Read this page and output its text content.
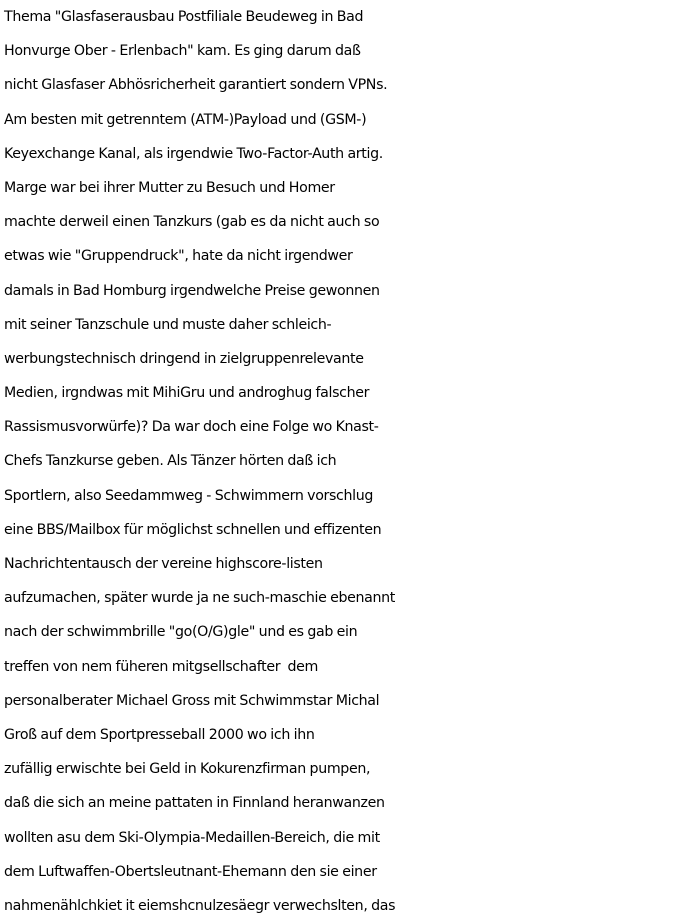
Thema "Glasfaserausbau Postfiliale Beudeweg in Bad
Honvurge Ober - Erlenbach" kam. Es ging darum daß
nicht Glasfaser Abhösricherheit garantiert sondern VPNs.
Am besten mit getrenntem (ATM-)Payload und (GSM-)
Keyexchange Kanal, als irgendwie Two-Factor-Auth artig.
Marge war bei ihrer Mutter zu Besuch und Homer
machte derweil einen Tanzkurs (gab es da nicht auch so
etwas wie "Gruppendruck", hate da nicht irgendwer
damals in Bad Homburg irgendwelche Preise gewonnen
mit seiner Tanzschule und muste daher schleich-
werbungstechnisch dringend in zielgruppenrelevante
Medien, irgndwas mit MihiGru und androghug falscher
Rassismusvorwürfe)? Da war doch eine Folge wo Knast-
Chefs Tanzkurse geben. Als Tänzer hörten daß ich
Sportlern, also Seedammweg - Schwimmern vorschlug
eine BBS/Mailbox für möglichst schnellen und effizenten
Nachrichtentausch der vereine highscore-listen
aufzumachen, später wurde ja ne such-maschie ebenannt
nach der schwimmbrille "go(O/G)gle" und es gab ein
treffen von nem füheren mitgsellschafter  dem
personalberater Michael Gross mit Schwimmstar Michal
Groß auf dem Sportpresseball 2000 wo ich ihn
zufällig erwischte bei Geld in Kokurenzfirman pumpen,
daß die sich an meine pattaten in Finnland heranwanzen
wollten asu dem Ski-Olympia-Medaillen-Bereich, die mit
dem Luftwaffen-Obertsleutnant-Ehemann den sie einer
nahmenählchkiet it eiemshcnulzesäegr verwechslten, das
